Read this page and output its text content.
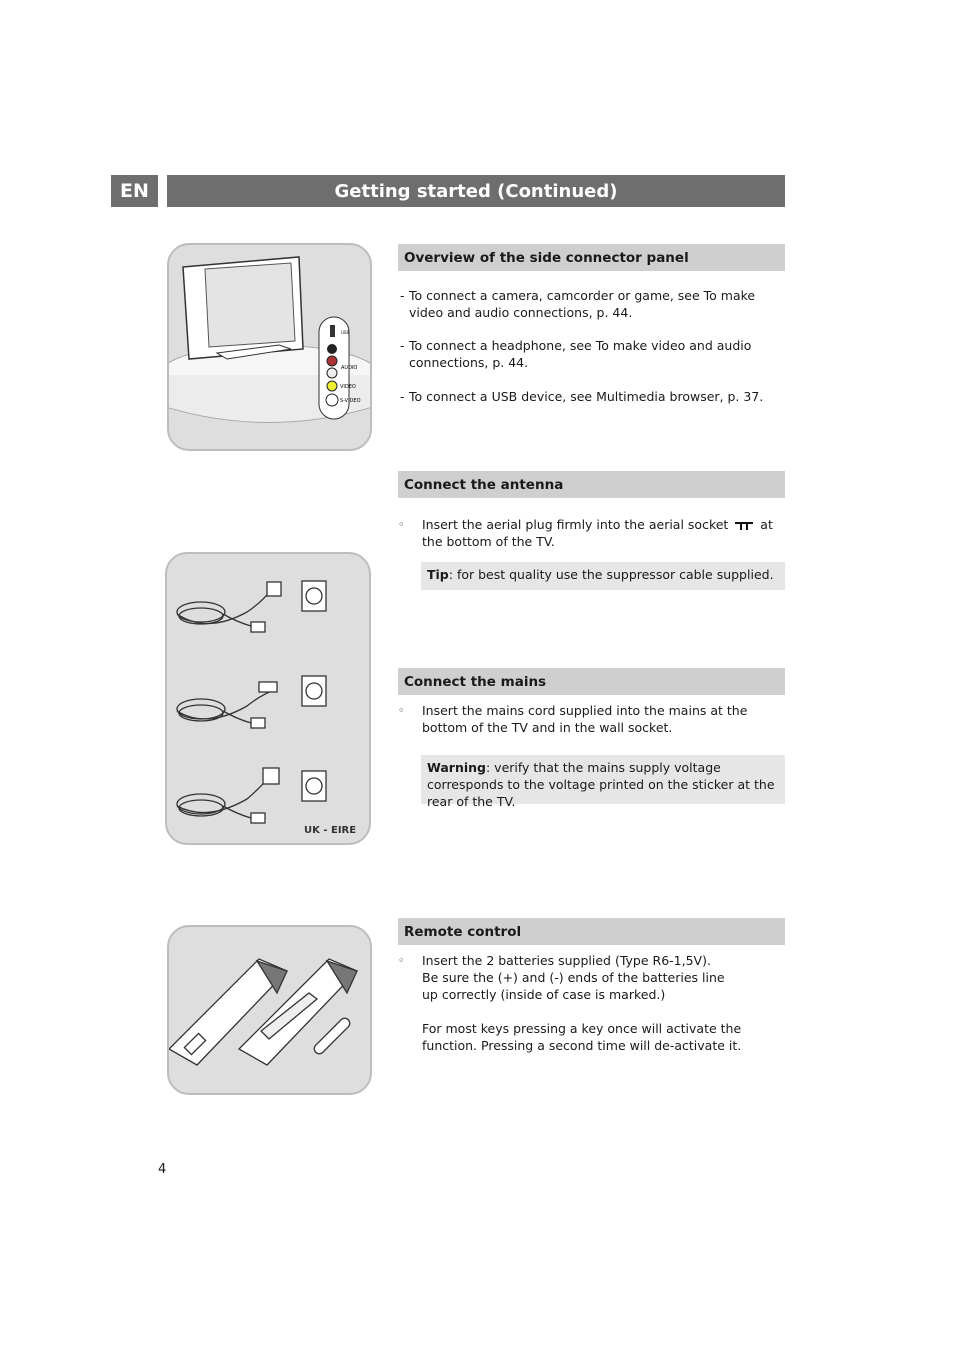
EN	Getting started (Continued)
USB
AUDIO
VIDEO
S-VIDEO
Overview of the side connector panel
- To connect a camera, camcorder or game, see To make video and audio connections, p. 44.
- To connect a headphone, see To make video and audio connections, p. 44.
- To connect a USB device, see Multimedia browser, p. 37.
Connect the antenna
◦ Insert the aerial plug firmly into the aerial socket	at the bottom of the TV.
Tip: for best quality use the suppressor cable supplied.
UK - EIRE
Connect the mains
◦ Insert the mains cord supplied into the mains at the bottom of the TV and in the wall socket.
Warning: verify that the mains supply voltage corresponds to the voltage printed on the sticker at the rear of the TV.
Remote control
◦ Insert the 2 batteries supplied (Type R6-1,5V).
Be sure the (+) and (-) ends of the batteries line up correctly (inside of case is marked.)
For most keys pressing a key once will activate the function. Pressing a second time will de-activate it.
4
